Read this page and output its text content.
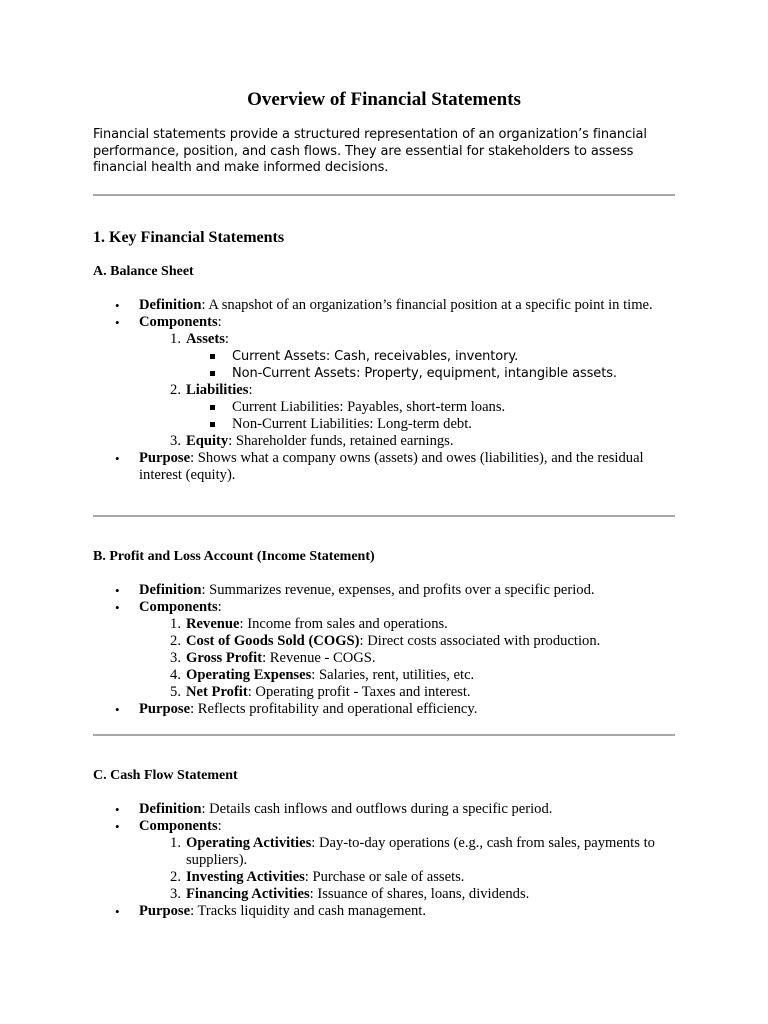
Overview of Financial Statements

Financial statements provide a structured representation of an organization’s financial performance, position, and cash flows. They are essential for stakeholders to assess financial health and make informed decisions.

1. Key Financial Statements
A. Balance Sheet
• Definition: A snapshot of an organization’s financial position at a specific point in time.
• Components:
1. Assets:
Current Assets: Cash, receivables, inventory.
Non-Current Assets: Property, equipment, intangible assets.
2. Liabilities:
Current Liabilities: Payables, short-term loans.
Non-Current Liabilities: Long-term debt.
3. Equity: Shareholder funds, retained earnings.
• Purpose: Shows what a company owns (assets) and owes (liabilities), and the residual interest (equity).
B. Profit and Loss Account (Income Statement)
• Definition: Summarizes revenue, expenses, and profits over a specific period.
• Components:
1. Revenue: Income from sales and operations.
2. Cost of Goods Sold (COGS): Direct costs associated with production.
3. Gross Profit: Revenue - COGS.
4. Operating Expenses: Salaries, rent, utilities, etc.
5. Net Profit: Operating profit - Taxes and interest.
• Purpose: Reflects profitability and operational efficiency.
C. Cash Flow Statement
• Definition: Details cash inflows and outflows during a specific period.
• Components:
1. Operating Activities: Day-to-day operations (e.g., cash from sales, payments to suppliers).
2. Investing Activities: Purchase or sale of assets.
3. Financing Activities: Issuance of shares, loans, dividends.
• Purpose: Tracks liquidity and cash management.
